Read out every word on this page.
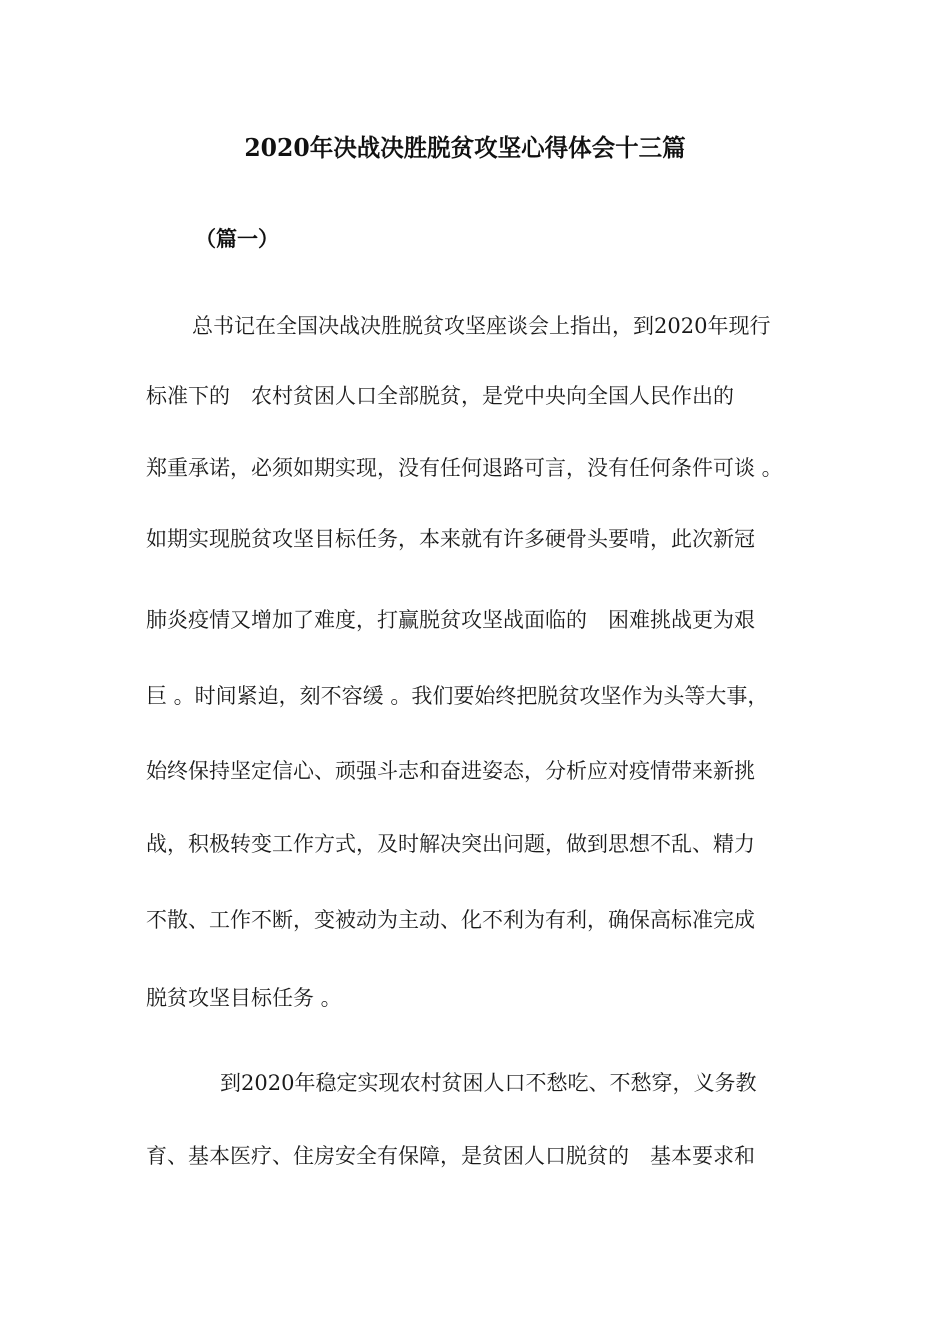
2020年决战决胜脱贫攻坚心得体会十三篇
（篇一）
总书记在全国决战决胜脱贫攻坚座谈会上指出，到2020年现行
标准下的　农村贫困人口全部脱贫，是党中央向全国人民作出的
郑重承诺，必须如期实现，没有任何退路可言，没有任何条件可谈 。
如期实现脱贫攻坚目标任务，本来就有许多硬骨头要啃，此次新冠
肺炎疫情又增加了难度，打赢脱贫攻坚战面临的　困难挑战更为艰
巨 。时间紧迫，刻不容缓 。我们要始终把脱贫攻坚作为头等大事，
始终保持坚定信心、顽强斗志和奋进姿态，分析应对疫情带来新挑
战，积极转变工作方式，及时解决突出问题，做到思想不乱、精力
不散、工作不断，变被动为主动、化不利为有利，确保高标准完成
脱贫攻坚目标任务 。
到2020年稳定实现农村贫困人口不愁吃、不愁穿，义务教
育、基本医疗、住房安全有保障，是贫困人口脱贫的　基本要求和
